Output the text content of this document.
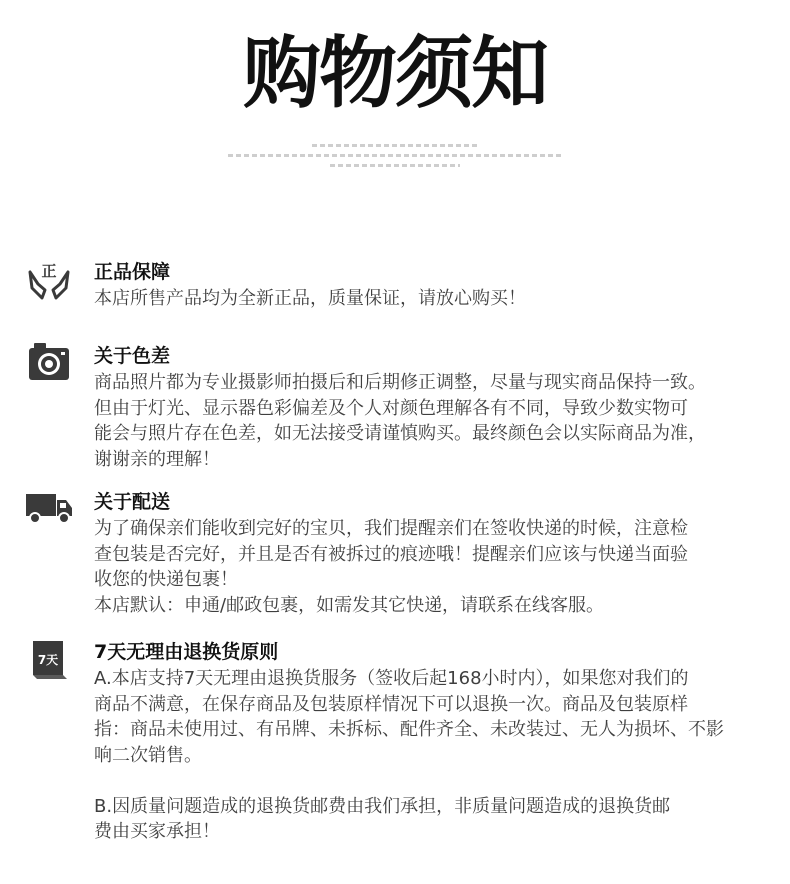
购物须知
正 正品保障

本店所售产品均为全新正品，质量保证，请放心购买！

关于色差

商品照片都为专业摄影师拍摄后和后期修正调整，尽量与现实商品保持一致。

但由于灯光、显示器色彩偏差及个人对颜色理解各有不同，导致少数实物可

能会与照片存在色差，如无法接受请谨慎购买。最终颜色会以实际商品为准，

谢谢亲的理解！

关于配送

为了确保亲们能收到完好的宝贝，我们提醒亲们在签收快递的时候，注意检

查包装是否完好，并且是否有被拆过的痕迹哦！提醒亲们应该与快递当面验

收您的快递包裹！

本店默认：申通/邮政包裹，如需发其它快递，请联系在线客服。

7天 7天无理由退换货原则

A.本店支持7天无理由退换货服务（签收后起168小时内），如果您对我们的

商品不满意，在保存商品及包装原样情况下可以退换一次。商品及包装原样

指：商品未使用过、有吊牌、未拆标、配件齐全、未改装过、无人为损坏、不影

响二次销售。

B.因质量问题造成的退换货邮费由我们承担，非质量问题造成的退换货邮

费由买家承担！
